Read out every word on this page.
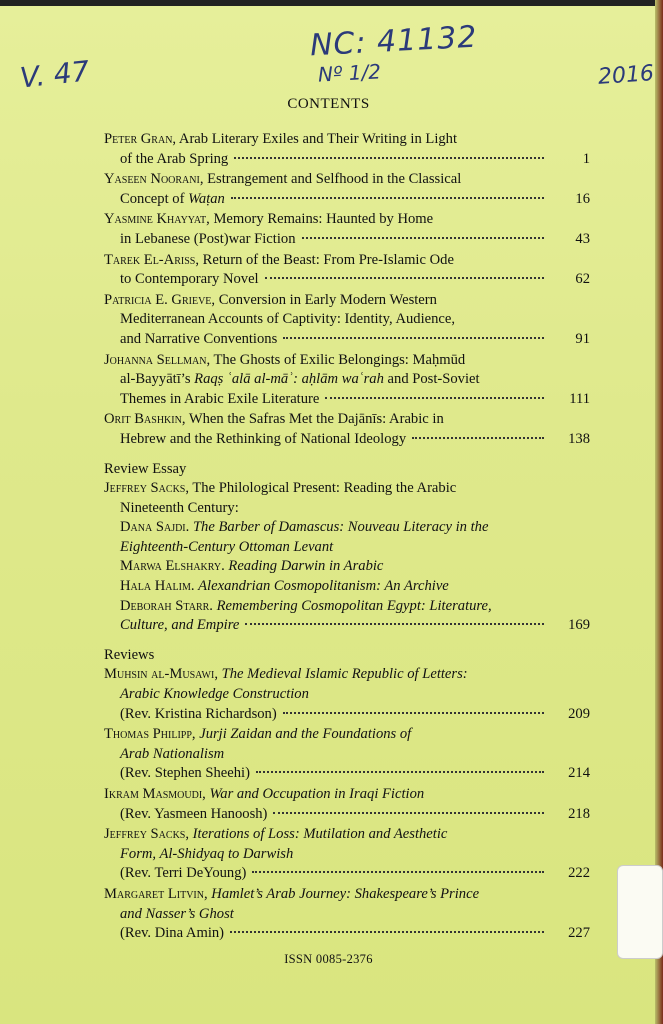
V. 47
NC: 41132
Nº 1/2	2016
CONTENTS
Peter Gran, Arab Literary Exiles and Their Writing in Light
of the Arab Spring	1
Yaseen Noorani, Estrangement and Selfhood in the Classical
Concept of Waṭan	16
Yasmine Khayyat, Memory Remains: Haunted by Home
in Lebanese (Post)war Fiction	43
Tarek El-Ariss, Return of the Beast: From Pre-Islamic Ode
to Contemporary Novel	62
Patricia E. Grieve, Conversion in Early Modern Western
Mediterranean Accounts of Captivity: Identity, Audience,
and Narrative Conventions	91
Johanna Sellman, The Ghosts of Exilic Belongings: Maḥmūd
al-Bayyātī’s Raqṣ ʿalā al-māʾ: aḥlām waʿrah and Post-Soviet
Themes in Arabic Exile Literature	111
Orit Bashkin, When the Safras Met the Dajānīs: Arabic in
Hebrew and the Rethinking of National Ideology	138
Review Essay
Jeffrey Sacks, The Philological Present: Reading the Arabic
Nineteenth Century:
Dana Sajdi. The Barber of Damascus: Nouveau Literacy in the
Eighteenth-Century Ottoman Levant
Marwa Elshakry. Reading Darwin in Arabic
Hala Halim. Alexandrian Cosmopolitanism: An Archive
Deborah Starr. Remembering Cosmopolitan Egypt: Literature,
Culture, and Empire	169
Reviews
Muhsin al-Musawi, The Medieval Islamic Republic of Letters:
Arabic Knowledge Construction
(Rev. Kristina Richardson)	209
Thomas Philipp, Jurji Zaidan and the Foundations of
Arab Nationalism
(Rev. Stephen Sheehi)	214
Ikram Masmoudi, War and Occupation in Iraqi Fiction
(Rev. Yasmeen Hanoosh)	218
Jeffrey Sacks, Iterations of Loss: Mutilation and Aesthetic
Form, Al-Shidyaq to Darwish
(Rev. Terri DeYoung)	222
Margaret Litvin, Hamlet’s Arab Journey: Shakespeare’s Prince
and Nasser’s Ghost
(Rev. Dina Amin)	227
ISSN 0085-2376
